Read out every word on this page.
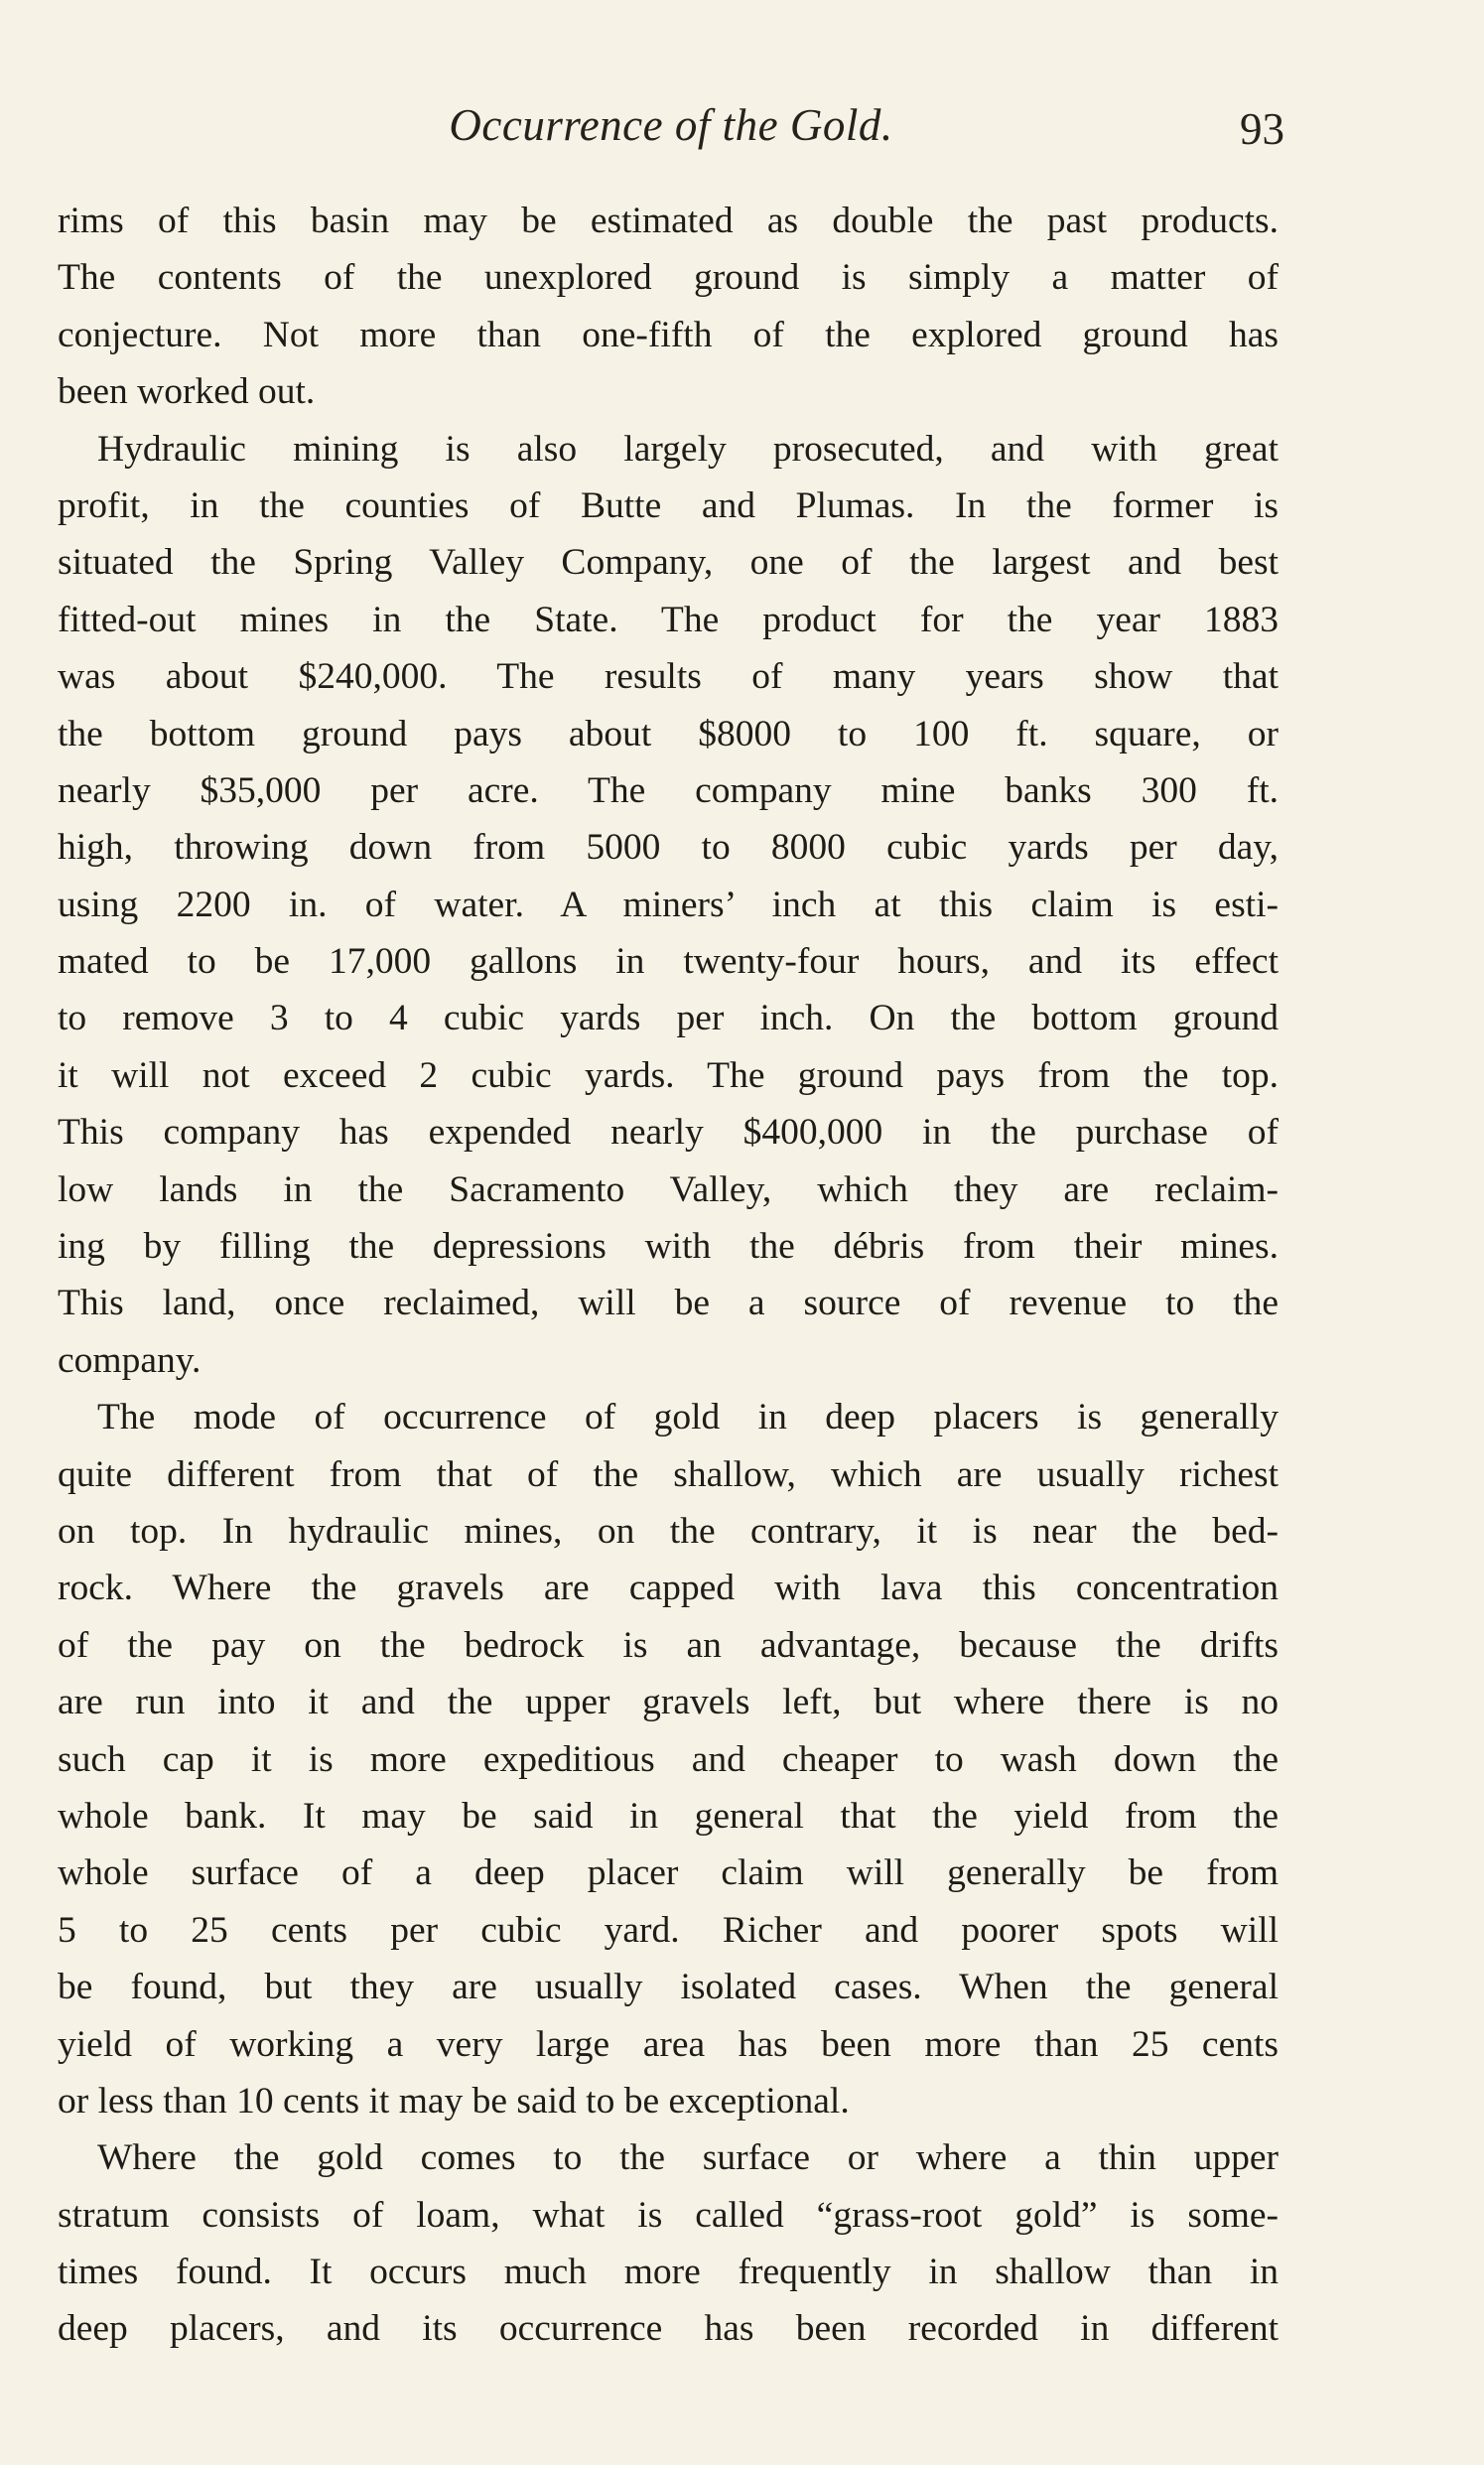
Occurrence of the Gold.	93
rims of this basin may be estimated as double the past products.
The contents of the unexplored ground is simply a matter of
conjecture. Not more than one-fifth of the explored ground has
been worked out.
Hydraulic mining is also largely prosecuted, and with great
profit, in the counties of Butte and Plumas. In the former is
situated the Spring Valley Company, one of the largest and best
fitted-out mines in the State. The product for the year 1883
was about $240,000. The results of many years show that
the bottom ground pays about $8000 to 100 ft. square, or
nearly $35,000 per acre. The company mine banks 300 ft.
high, throwing down from 5000 to 8000 cubic yards per day,
using 2200 in. of water. A miners’ inch at this claim is esti-
mated to be 17,000 gallons in twenty-four hours, and its effect
to remove 3 to 4 cubic yards per inch. On the bottom ground
it will not exceed 2 cubic yards. The ground pays from the top.
This company has expended nearly $400,000 in the purchase of
low lands in the Sacramento Valley, which they are reclaim-
ing by filling the depressions with the débris from their mines.
This land, once reclaimed, will be a source of revenue to the
company.
The mode of occurrence of gold in deep placers is generally
quite different from that of the shallow, which are usually richest
on top. In hydraulic mines, on the contrary, it is near the bed-
rock. Where the gravels are capped with lava this concentration
of the pay on the bedrock is an advantage, because the drifts
are run into it and the upper gravels left, but where there is no
such cap it is more expeditious and cheaper to wash down the
whole bank. It may be said in general that the yield from the
whole surface of a deep placer claim will generally be from
5 to 25 cents per cubic yard. Richer and poorer spots will
be found, but they are usually isolated cases. When the general
yield of working a very large area has been more than 25 cents
or less than 10 cents it may be said to be exceptional.
Where the gold comes to the surface or where a thin upper
stratum consists of loam, what is called “grass-root gold” is some-
times found. It occurs much more frequently in shallow than in
deep placers, and its occurrence has been recorded in different
